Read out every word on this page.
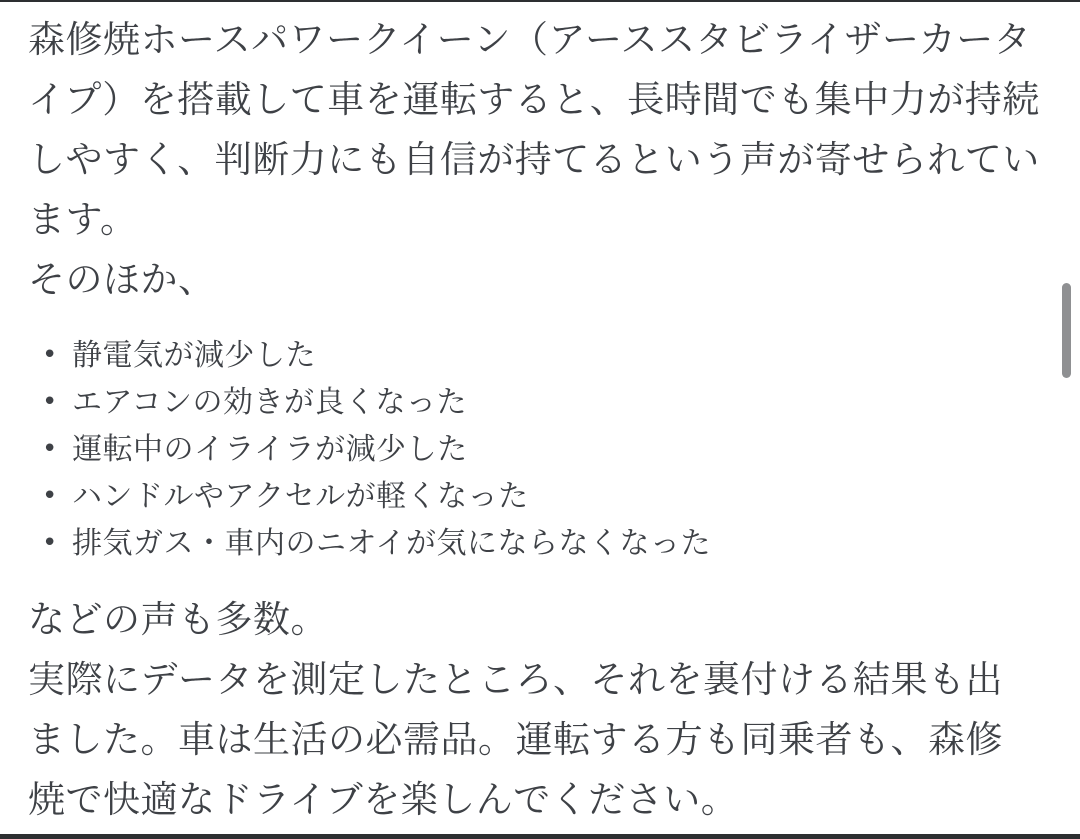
森修焼ホースパワークイーン（アーススタビライザーカータイプ）を搭載して車を運転すると、長時間でも集中力が持続しやすく、判断力にも自信が持てるという声が寄せられています。

そのほか、

• 静電気が減少した
• エアコンの効きが良くなった
• 運転中のイライラが減少した
• ハンドルやアクセルが軽くなった
• 排気ガス・車内のニオイが気にならなくなった

などの声も多数。

実際にデータを測定したところ、それを裏付ける結果も出ました。車は生活の必需品。運転する方も同乗者も、森修焼で快適なドライブを楽しんでください。
